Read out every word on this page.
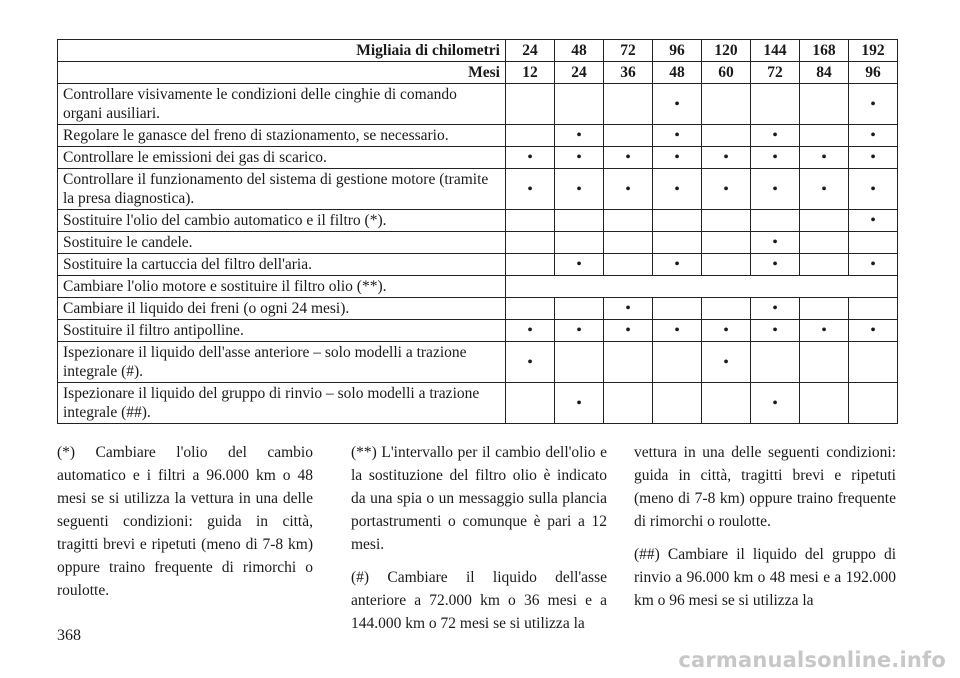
Migliaia di chilometri	24	48	72	96	120	144	168	192
Mesi	12	24	36	48	60	72	84	96
Controllare visivamente le condizioni delle cinghie di comando organi ausiliari.				•				•
Regolare le ganasce del freno di stazionamento, se necessario.		•		•		•		•
Controllare le emissioni dei gas di scarico.	•	•	•	•	•	•	•	•
Controllare il funzionamento del sistema di gestione motore (tramite la presa diagnostica).	•	•	•	•	•	•	•	•
Sostituire l'olio del cambio automatico e il filtro (*).								•
Sostituire le candele.						•		
Sostituire la cartuccia del filtro dell'aria.		•		•		•		•
Cambiare l'olio motore e sostituire il filtro olio (**).								
Cambiare il liquido dei freni (o ogni 24 mesi).			•			•		
Sostituire il filtro antipolline.	•	•	•	•	•	•	•	•
Ispezionare il liquido dell'asse anteriore – solo modelli a trazione integrale (#).	•				•			
Ispezionare il liquido del gruppo di rinvio – solo modelli a trazione integrale (##).		•				•		

(*) Cambiare l'olio del cambio automatico e i filtri a 96.000 km o 48 mesi se si utilizza la vettura in una delle seguenti condizioni: guida in città, tragitti brevi e ripetuti (meno di 7-8 km) oppure traino frequente di rimorchi o roulotte.

(**) L'intervallo per il cambio dell'olio e la sostituzione del filtro olio è indicato da una spia o un messaggio sulla plancia portastrumenti o comunque è pari a 12 mesi.

(#) Cambiare il liquido dell'asse anteriore a 72.000 km o 36 mesi e a 144.000 km o 72 mesi se si utilizza la

vettura in una delle seguenti condizioni: guida in città, tragitti brevi e ripetuti (meno di 7-8 km) oppure traino frequente di rimorchi o roulotte.

(##) Cambiare il liquido del gruppo di rinvio a 96.000 km o 48 mesi e a 192.000 km o 96 mesi se si utilizza la

368
carmanualsonline.info
